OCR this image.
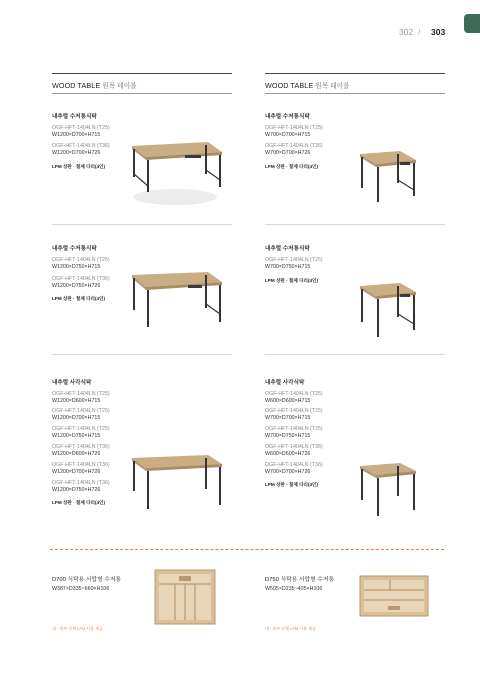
302 / 303
WOOD TABLE 원목 테이블	WOOD TABLE 원목 테이블
내추럴 수저통식탁
OGF-HFT-1404LN (T25)
W1200×D700×H715
OGF-HFT-1404LN (T36)
W1200×D700×H726
LPM 상판 · 철제 다리(4인)
내추럴 수저통식탁
OGF-HFT-1404LN (T25)
W700×D700×H715
OGF-HFT-1404LN (T36)
W700×D700×H726
LPM 상판 · 철제 다리(4인)
내추럴 수저통식탁
OGF-HFT-1404LN (T25)
W1200×D750×H715
OGF-HFT-1404LN (T36)
W1200×D750×H726
LPM 상판 · 철제 다리(4인)
내추럴 수저통식탁
OGF-HFT-1404LN (T25)
W700×D750×H715
LPM 상판 · 철제 다리(4인)
내추럴 사각식탁
OGF-HFT-1404LN (T25)
W1200×D600×H715
OGF-HFT-1404LN (T25)
W1200×D700×H715
OGF-HFT-1404LN (T25)
W1200×D750×H715
OGF-HFT-1404LN (T36)
W1200×D600×H726
OGF-HFT-1404LN (T36)
W1200×D700×H726
OGF-HFT-1404LN (T36)
W1200×D750×H726
LPM 상판 · 철제 다리(4인)
내추럴 사각식탁
OGF-HFT-1404LN (T25)
W600×D600×H715
OGF-HFT-1404LN (T25)
W700×D700×H715
OGF-HFT-1404LN (T25)
W700×D750×H715
OGF-HFT-1404LN (T36)
W600×D600×H726
OGF-HFT-1404LN (T36)
W700×D700×H726
LPM 상판 · 철제 다리(4인)
D700 식탁용 서랍형 수저통
W387×D335~660×H106
내 · 외부 전체 LPM 사용 제공
D750 식탁용 서랍형 수저통
W505×D235~405×H106
내 · 외부 전체 LPM 사용 제공
